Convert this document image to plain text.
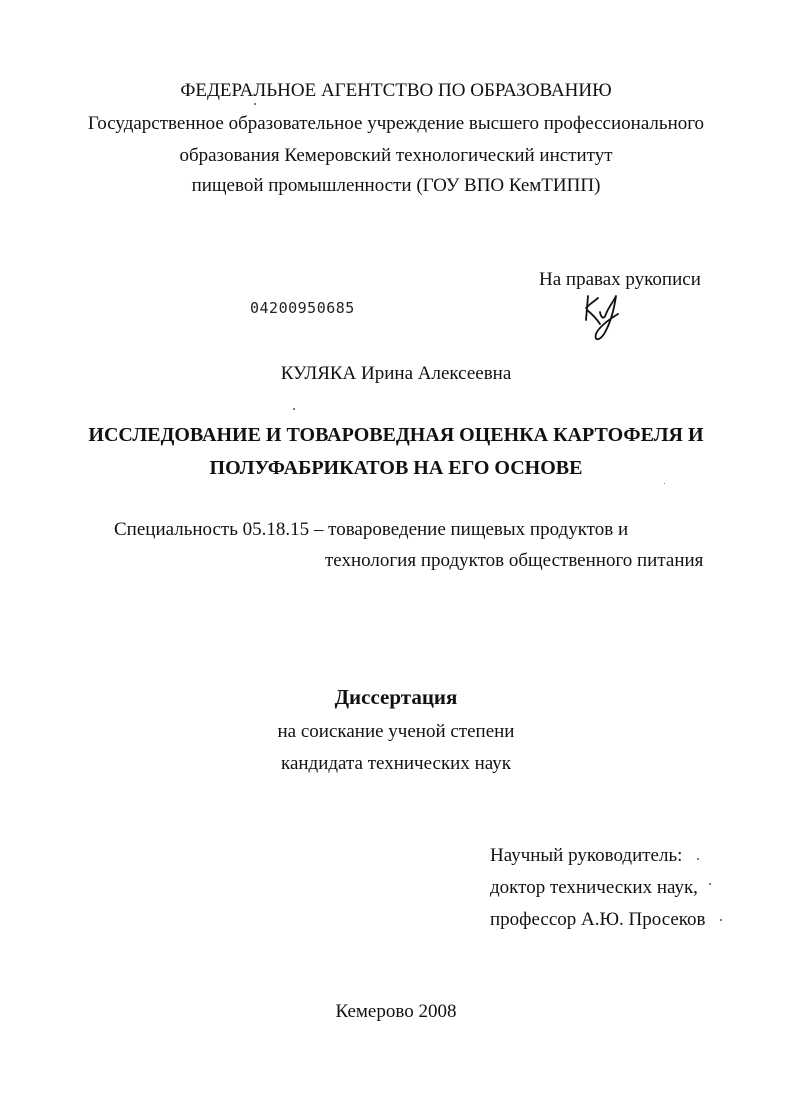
ФЕДЕРАЛЬНОЕ АГЕНТСТВО ПО ОБРАЗОВАНИЮ
Государственное образовательное учреждение высшего профессионального
образования Кемеровский технологический институт
пищевой промышленности (ГОУ ВПО КемТИПП)
На правах рукописи
04200950685
КУЛЯКА Ирина Алексеевна
ИССЛЕДОВАНИЕ И ТОВАРОВЕДНАЯ ОЦЕНКА КАРТОФЕЛЯ И
ПОЛУФАБРИКАТОВ НА ЕГО ОСНОВЕ
Специальность 05.18.15 – товароведение пищевых продуктов и
технология продуктов общественного питания
Диссертация
на соискание ученой степени
кандидата технических наук
Научный руководитель:
доктор технических наук,
профессор А.Ю. Просеков
Кемерово 2008
